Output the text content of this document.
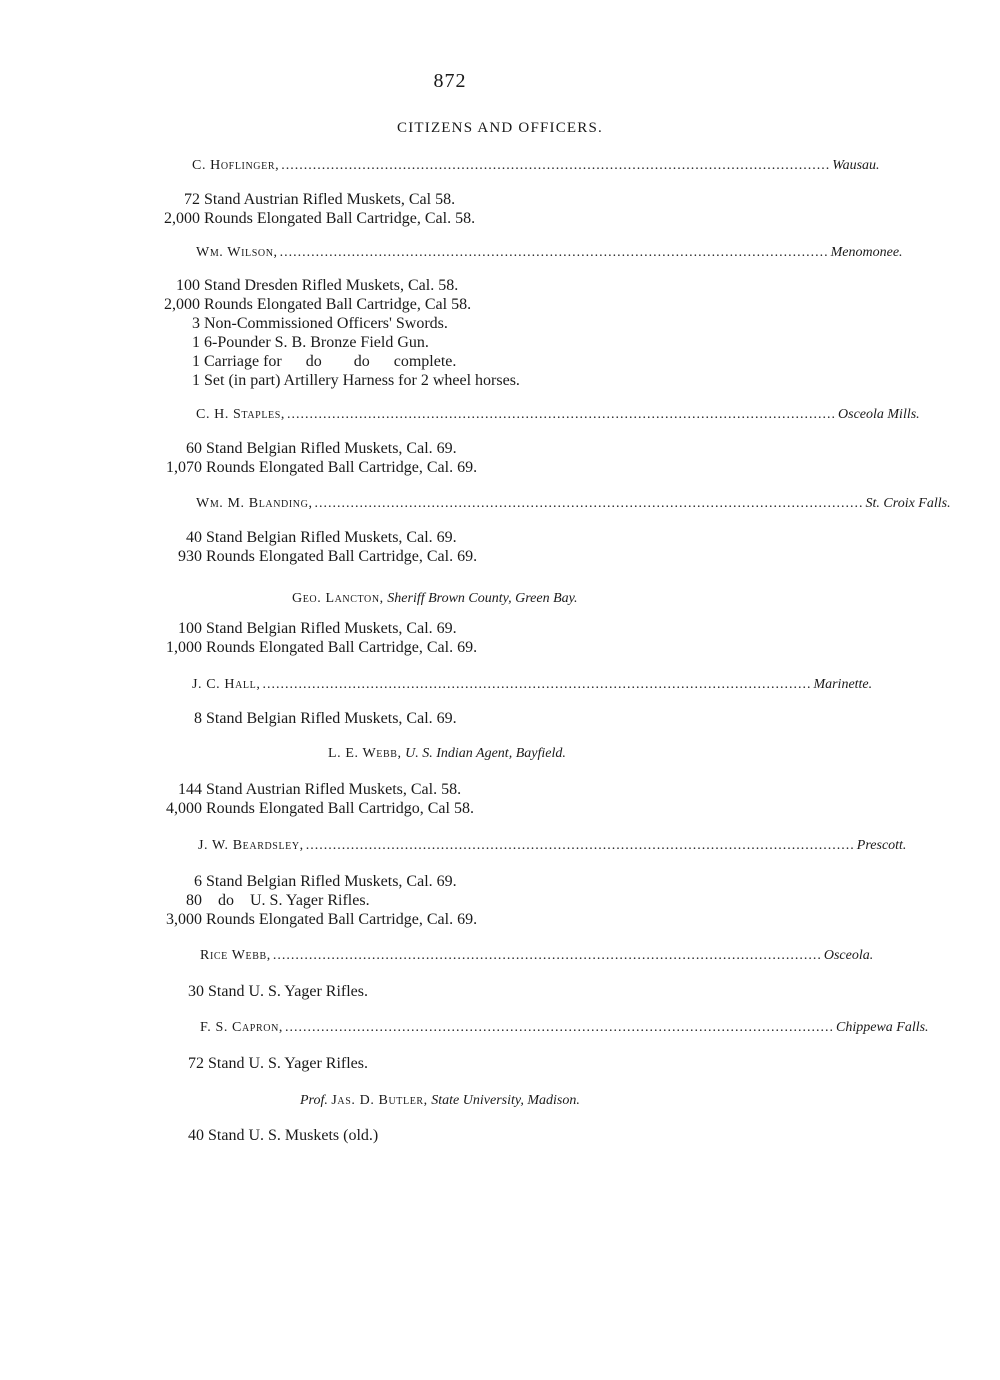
872
CITIZENS AND OFFICERS.
C. Hoflinger, .......................................................................................................................... Wausau.
72 Stand Austrian Rifled Muskets, Cal 58.
2,000 Rounds Elongated Ball Cartridge, Cal. 58.
Wm. Wilson, .......................................................................................................................... Menomonee.
100 Stand Dresden Rifled Muskets, Cal. 58.
2,000 Rounds Elongated Ball Cartridge, Cal 58.
3 Non-Commissioned Officers' Swords.
1 6-Pounder S. B. Bronze Field Gun.
1 Carriage for      do        do      complete.
1 Set (in part) Artillery Harness for 2 wheel horses.
C. H. Staples, .......................................................................................................................... Osceola Mills.
60 Stand Belgian Rifled Muskets, Cal. 69.
1,070 Rounds Elongated Ball Cartridge, Cal. 69.
Wm. M. Blanding, .......................................................................................................................... St. Croix Falls.
40 Stand Belgian Rifled Muskets, Cal. 69.
930 Rounds Elongated Ball Cartridge, Cal. 69.
Geo. Lancton, Sheriff Brown County, Green Bay.
100 Stand Belgian Rifled Muskets, Cal. 69.
1,000 Rounds Elongated Ball Cartridge, Cal. 69.
J. C. Hall, .......................................................................................................................... Marinette.
8 Stand Belgian Rifled Muskets, Cal. 69.
L. E. Webb, U. S. Indian Agent, Bayfield.
144 Stand Austrian Rifled Muskets, Cal. 58.
4,000 Rounds Elongated Ball Cartridgo, Cal 58.
J. W. Beardsley, .......................................................................................................................... Prescott.
6 Stand Belgian Rifled Muskets, Cal. 69.
80    do    U. S. Yager Rifles.
3,000 Rounds Elongated Ball Cartridge, Cal. 69.
Rice Webb, .......................................................................................................................... Osceola.
30 Stand U. S. Yager Rifles.
F. S. Capron, .......................................................................................................................... Chippewa Falls.
72 Stand U. S. Yager Rifles.
Prof. Jas. D. Butler, State University, Madison.
40 Stand U. S. Muskets (old.)
